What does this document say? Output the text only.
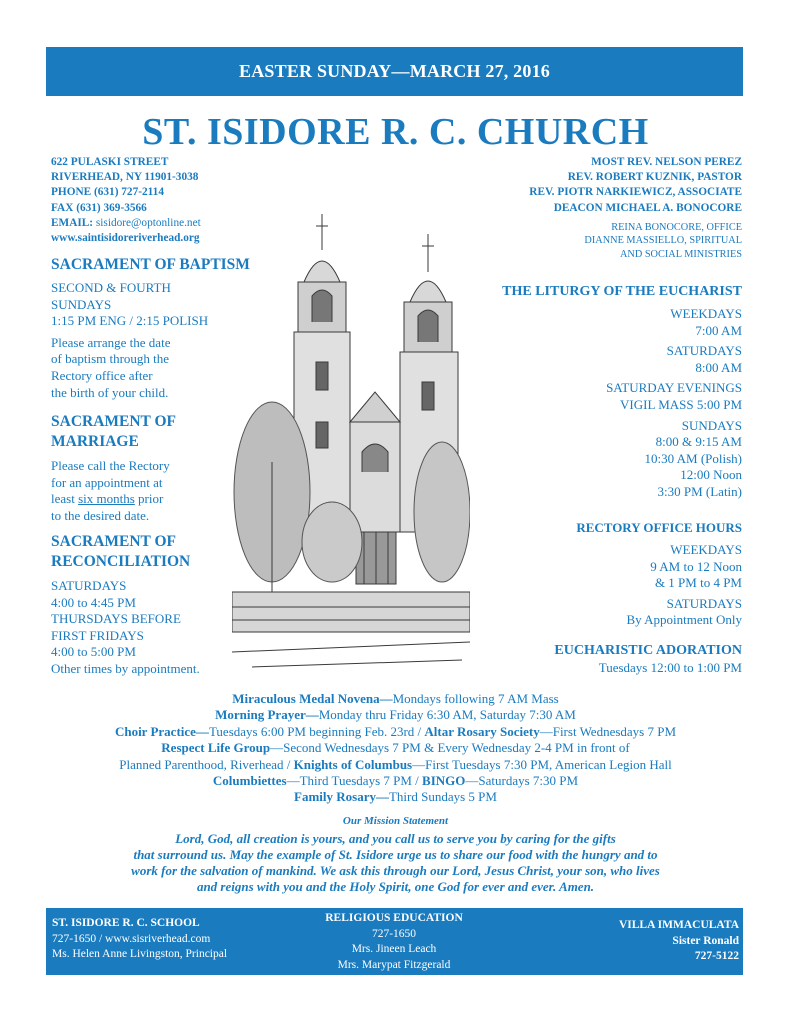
EASTER SUNDAY—MARCH 27, 2016
ST. ISIDORE R. C. CHURCH
622 PULASKI STREET
RIVERHEAD, NY 11901-3038
PHONE (631) 727-2114
FAX (631) 369-3566
EMAIL: sisidore@optonline.net
www.saintisidoreriverhead.org
MOST REV. NELSON PEREZ
REV. ROBERT KUZNIK, PASTOR
REV. PIOTR NARKIEWICZ, ASSOCIATE
DEACON MICHAEL A. BONOCORE
REINA BONOCORE, OFFICE
DIANNE MASSIELLO, SPIRITUAL
AND SOCIAL MINISTRIES
SACRAMENT OF BAPTISM
SECOND & FOURTH
SUNDAYS
1:15 PM ENG / 2:15 POLISH
Please arrange the date
of baptism through the
Rectory office after
the birth of your child.
SACRAMENT OF
MARRIAGE
Please call the Rectory
for an appointment at
least six months prior
to the desired date.
SACRAMENT OF
RECONCILIATION
SATURDAYS
4:00 to 4:45 PM
THURSDAYS BEFORE
FIRST FRIDAYS
4:00 to 5:00 PM
Other times by appointment.
THE LITURGY OF THE EUCHARIST
WEEKDAYS
7:00 AM
SATURDAYS
8:00 AM
SATURDAY EVENINGS
VIGIL MASS 5:00 PM
SUNDAYS
8:00 & 9:15 AM
10:30 AM (Polish)
12:00 Noon
3:30 PM (Latin)
RECTORY OFFICE HOURS
WEEKDAYS
9 AM to 12 Noon
& 1 PM to 4 PM
SATURDAYS
By Appointment Only
EUCHARISTIC ADORATION
Tuesdays 12:00 to 1:00 PM
Miraculous Medal Novena—Mondays following 7 AM Mass
Morning Prayer—Monday thru Friday 6:30 AM, Saturday 7:30 AM
Choir Practice—Tuesdays 6:00 PM beginning Feb. 23rd / Altar Rosary Society—First Wednesdays 7 PM
Respect Life Group—Second Wednesdays 7 PM & Every Wednesday 2-4 PM in front of
Planned Parenthood, Riverhead / Knights of Columbus—First Tuesdays 7:30 PM, American Legion Hall
Columbiettes—Third Tuesdays 7 PM / BINGO—Saturdays 7:30 PM
Family Rosary—Third Sundays 5 PM
Our Mission Statement
Lord, God, all creation is yours, and you call us to serve you by caring for the gifts
that surround us. May the example of St. Isidore urge us to share our food with the hungry and to
work for the salvation of mankind. We ask this through our Lord, Jesus Christ, your son, who lives
and reigns with you and the Holy Spirit, one God for ever and ever. Amen.
ST. ISIDORE R. C. SCHOOL
727-1650 / www.sisriverhead.com
Ms. Helen Anne Livingston, Principal
RELIGIOUS EDUCATION
727-1650
Mrs. Jineen Leach
Mrs. Marypat Fitzgerald
VILLA IMMACULATA
Sister Ronald
727-5122
